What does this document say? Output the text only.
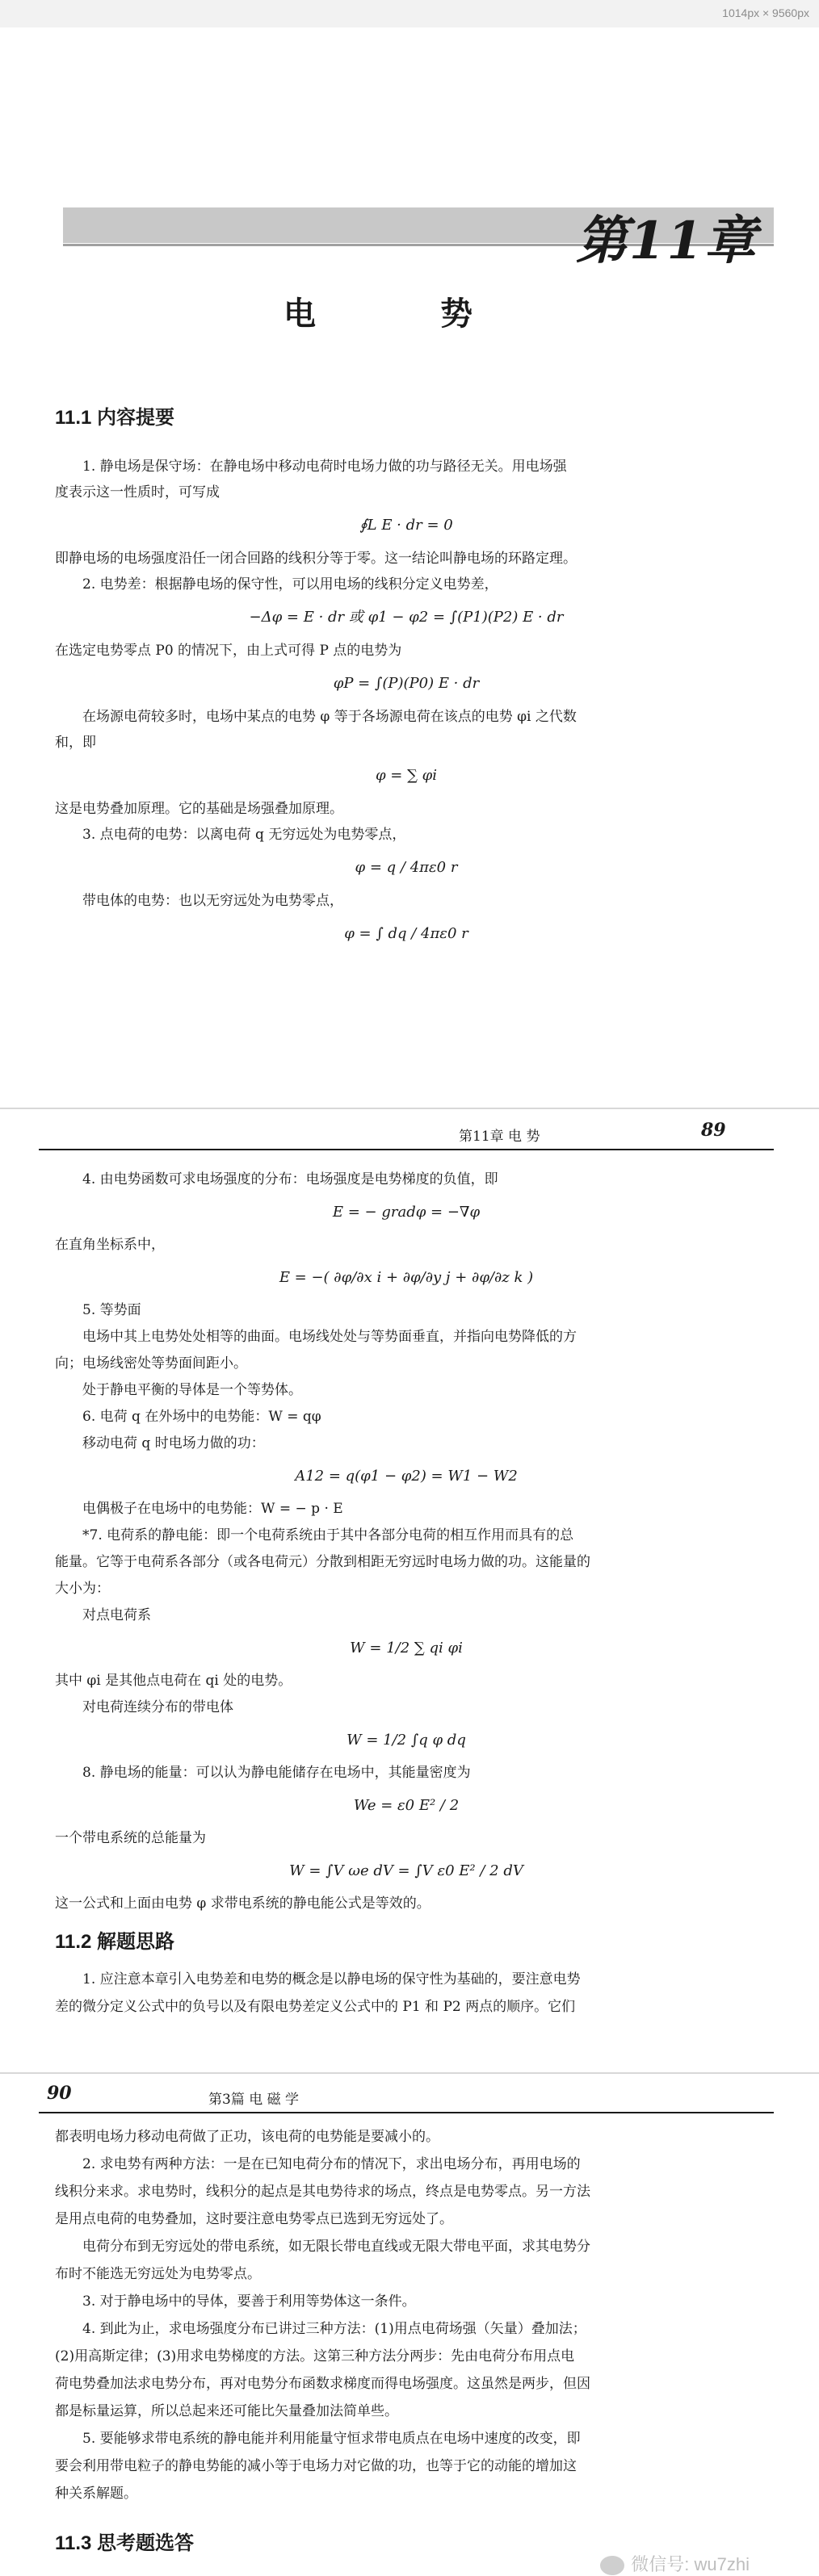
1014px × 9560px
第11章
电 势
11.1 内容提要
1. 静电场是保守场：在静电场中移动电荷时电场力做的功与路径无关。用电场强
度表示这一性质时，可写成
∮L E · dr = 0
即静电场的电场强度沿任一闭合回路的线积分等于零。这一结论叫静电场的环路定理。
2. 电势差：根据静电场的保守性，可以用电场的线积分定义电势差，
−Δφ = E · dr 或 φ1 − φ2 = ∫(P1)(P2) E · dr
在选定电势零点 P0 的情况下，由上式可得 P 点的电势为
φP = ∫(P)(P0) E · dr
在场源电荷较多时，电场中某点的电势 φ 等于各场源电荷在该点的电势 φi 之代数
和，即
φ = ∑ φi
这是电势叠加原理。它的基础是场强叠加原理。
3. 点电荷的电势：以离电荷 q 无穷远处为电势零点，
φ = q / 4πε0 r
带电体的电势：也以无穷远处为电势零点，
φ = ∫ dq / 4πε0 r
第11章 电 势	89
4. 由电势函数可求电场强度的分布：电场强度是电势梯度的负值，即
E = − gradφ = −∇φ
在直角坐标系中，
E = −( ∂φ/∂x i + ∂φ/∂y j + ∂φ/∂z k )
5. 等势面
电场中其上电势处处相等的曲面。电场线处处与等势面垂直，并指向电势降低的方
向；电场线密处等势面间距小。
处于静电平衡的导体是一个等势体。
6. 电荷 q 在外场中的电势能：W = qφ
移动电荷 q 时电场力做的功：
A12 = q(φ1 − φ2) = W1 − W2
电偶极子在电场中的电势能：W = − p · E
*7. 电荷系的静电能：即一个电荷系统由于其中各部分电荷的相互作用而具有的总
能量。它等于电荷系各部分（或各电荷元）分散到相距无穷远时电场力做的功。这能量的
大小为：
对点电荷系
W = 1/2 ∑ qi φi
其中 φi 是其他点电荷在 qi 处的电势。
对电荷连续分布的带电体
W = 1/2 ∫q φ dq
8. 静电场的能量：可以认为静电能储存在电场中，其能量密度为
We = ε0 E² / 2
一个带电系统的总能量为
W = ∫V ωe dV = ∫V ε0 E² / 2 dV
这一公式和上面由电势 φ 求带电系统的静电能公式是等效的。
11.2 解题思路
1. 应注意本章引入电势差和电势的概念是以静电场的保守性为基础的，要注意电势
差的微分定义公式中的负号以及有限电势差定义公式中的 P1 和 P2 两点的顺序。它们
90	第3篇 电 磁 学
都表明电场力移动电荷做了正功，该电荷的电势能是要减小的。
2. 求电势有两种方法：一是在已知电荷分布的情况下，求出电场分布，再用电场的
线积分来求。求电势时，线积分的起点是其电势待求的场点，终点是电势零点。另一方法
是用点电荷的电势叠加，这时要注意电势零点已选到无穷远处了。
电荷分布到无穷远处的带电系统，如无限长带电直线或无限大带电平面，求其电势分
布时不能选无穷远处为电势零点。
3. 对于静电场中的导体，要善于利用等势体这一条件。
4. 到此为止，求电场强度分布已讲过三种方法：(1)用点电荷场强（矢量）叠加法；
(2)用高斯定律；(3)用求电势梯度的方法。这第三种方法分两步：先由电荷分布用点电
荷电势叠加法求电势分布，再对电势分布函数求梯度而得电场强度。这虽然是两步，但因
都是标量运算，所以总起来还可能比矢量叠加法简单些。
5. 要能够求带电系统的静电能并利用能量守恒求带电质点在电场中速度的改变，即
要会利用带电粒子的静电势能的减小等于电场力对它做的功，也等于它的动能的增加这
种关系解题。
11.3 思考题选答
微信号: wu7zhi
